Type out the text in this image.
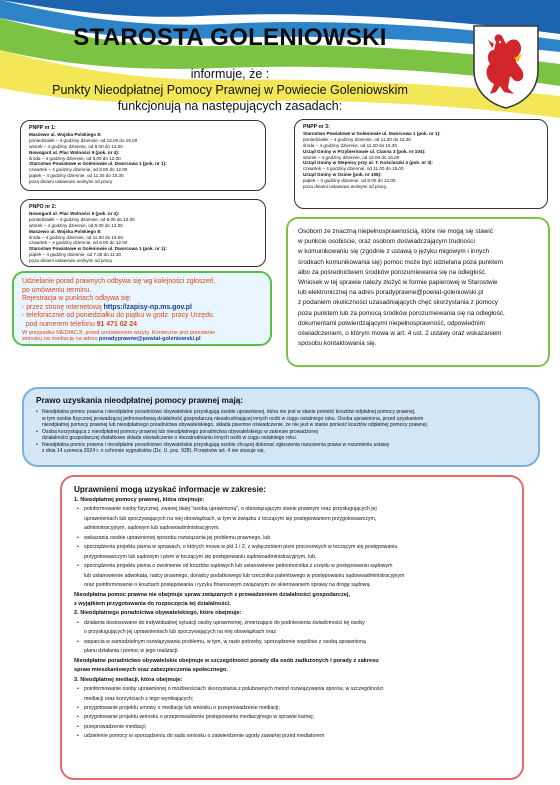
STAROSTA GOLENIOWSKI
informuje, że :
Punkty Nieodpłatnej Pomocy Prawnej w Powiecie Goleniowskim
funkcjonują na następujących zasadach:
PNPP nr 1:
Maszewo ul. Wojska Polskiego 8:
poniedziałek – 4 godziny dziennie, od 12.00 do 16.00
wtorek – 4 godziny dziennie, od 8.00 do 12.00
Nowogard ul. Plac Wolności 9 (pok. nr 4):
środa – 4 godziny dziennie, od 8.00 do 12.00
Starostwo Powiatowe w Goleniowie ul. Dworcowa 1 (pok. nr 1):
czwartek – 4 godziny dziennie, od 8.00 do 12.00
piątek – 4 godziny dziennie, od 11.35 do 15.35
poza dniami ustawowo wolnymi od pracy
PNPP nr 3:
Starostwo Powiatowe w Goleniowie ul. Dworcowa 1 (pok. nr 1):
poniedziałek – 4 godziny dziennie, od 11.30 do 15.30
środa – 4 godziny dziennie, od 11.30 do 15.30
Urząd Gminy w Przybiernowie ul. Ciasna 3 (pok. nr 104):
wtorek – 4 godziny dziennie, od 12.00 do 16.00
Urząd Gminy w Stepnicy przy ul. T. Kościuszki 4 (pok. nr 3):
czwartek – 4 godziny dziennie, od 11.00 do 15.00
Urząd Gminy w Osinie (pok. nr 105):
piątek – 4 godziny dziennie, od 8.00 do 12.00
poza dniami ustawowo wolnymi od pracy.
PNPO nr 2:
Nowogard ul. Plac Wolności 9 (pok. nr 4):
poniedziałek – 4 godziny dziennie, od 8.00 do 12.00
wtorek – 4 godziny dziennie, od 8.00 do 12.00
Maszewo ul. Wojska Polskiego 8:
środa – 4 godziny dziennie, od 11.00 do 15.00
czwartek – 4 godziny dziennie, od 8.00 do 12.00
Starostwo Powiatowe w Goleniowie ul. Dworcowa 1 (pok. nr 1):
piątek – 4 godziny dziennie, od 7.30 do 11.30
poza dniami ustawowo wolnymi od pracy
Osobom ze znaczną niepełnosprawnością, które nie mogą się stawić
w punkcie osobiście, oraz osobom doświadczającym trudności
w komunikowaniu się (zgodnie z ustawą o języku migowym i innych
środkach komunikowania się) pomoc może być udzielana poza punktem
albo za pośrednictwem środków porozumiewania się na odległość.
Wniosek w tej sprawie należy złożyć w formie papierowej w Starostwie
lub elektronicznej na adres poradyprawne@powiat-goleniowski.pl
z podaniem okoliczności uzasadniających chęć skorzystania z pomocy
poza punktem lub za pomocą środków porozumiewania się na odległość,
dokumentami potwierdzającymi niepełnosprawność, odpowiednim
oświadczeniem, o którym mowa w art. 4 ust. 2 ustawy oraz wskazaniem
sposobu kontaktowania się.
Udzielanie porad prawnych odbywa się wg kolejności zgłoszeń,
po umówieniu terminu.
Rejestracja w punktach odbywa się:
- przez stronę internetową https://zapisy-np.ms.gov.pl
- telefonicznie od poniedziałku do piątku w godz. pracy Urzędu.
pod numerem telefonu 91 471 02 24
W przypadku MEDIACJI, przed umówieniem wizyty. Konieczne jest przesłanie
wniosku na mediację na adres poradyprawne@powiat-goleniowski.pl
Prawo uzyskania nieodpłatnej pomocy prawnej mają:
• Nieodpłatna pomoc prawna i nieodpłatne poradnictwo obywatelskie przysługują osobie uprawnionej, która nie jest w stanie ponieść kosztów odpłatnej pomocy prawnej,
w tym osobie fizycznej prowadzącej jednoosobową działalność gospodarczą niezatrudniającej innych osób w ciągu ostatniego roku. Osoba uprawniona, przed uzyskaniem
nieodpłatnej pomocy prawnej lub nieodpłatnego poradnictwa obywatelskiego, składa pisemne oświadczenie, że nie jest w stanie ponieść kosztów odpłatnej pomocy prawnej.
• Osoba korzystająca z nieodpłatnej pomocy prawnej lub nieodpłatnego poradnictwa obywatelskiego w zakresie prowadzonej
działalności gospodarczej dodatkowo składa oświadczenie o niezatrudnianiu innych osób w ciągu ostatniego roku.
• Nieodpłatna pomoc prawna i nieodpłatne poradnictwo obywatelskie przysługują osobie chcącej dokonać zgłoszenia naruszenia prawa w rozumieniu ustawy
z dnia 14 czerwca 2024 r. o ochronie sygnalistów (Dz. U. poz. 928). Przepisów art. 4 nie stosuje się.
Uprawnieni mogą uzyskać informacje w zakresie:
1. Nieodpłatnej pomocy prawnej, która obejmuje:
• poinformowanie osoby fizycznej, zwanej dalej "osobą uprawnioną", o obowiązującym stanie prawnym oraz przysługujących jej
uprawnieniach lub spoczywających na niej obowiązkach, w tym w związku z toczącym się postępowaniem przygotowawczym,
administracyjnym, sądowym lub sądowoadministracyjnym,
• wskazania osobie uprawnionej sposobu rozwiązania jej problemu prawnego, lub
• sporządzenia projektu pisma w sprawach, o których mowa w pkt 1 i 2, z wyłączeniem pism procesowych w toczącym się postępowaniu
przygotowawczym lub sądowym i pism w toczącym się postępowaniu sądowoadministracyjnym, lub,
• sporządzenia projektu pisma o zwolnienie od kosztów sądowych lub ustanowienie pełnomocnika z urzędu w postępowaniu sądowym
lub ustanowienie adwokata, radcy prawnego, doradcy podatkowego lub rzecznika patentowego w postępowaniu sądowoadministracyjnym
oraz poinformowanie o kosztach postępowania i ryzyku finansowym związanym ze skierowaniem sprawy na drogę sądową.
Nieodpłatna pomoc prawna nie obejmuje spraw związanych z prowadzeniem działalności gospodarczej,
z wyjątkiem przygotowania do rozpoczęcia tej działalności.
2. Nieodpłatnego poradnictwa obywatelskiego, które obejmuje:
• działania dostosowane do indywidualnej sytuacji osoby uprawnionej, zmierzające do podniesienia świadomości tej osoby
o przysługujących jej uprawnieniach lub spoczywających na niej obowiązkach oraz
• wsparcia w samodzielnym rozwiązywaniu problemu, w tym, w razie potrzeby, sporządzenie wspólnie z osobą uprawnioną
planu działania i pomoc w jego realizacji.
Nieodpłatne poradnictwo obywatelskie obejmuje w szczególności porady dla osób zadłużonych i porady z zakresu
spraw mieszkaniowych oraz zabezpieczenia społecznego.
3. Nieodpłatnej mediacji, która obejmuje:
• poinformowanie osoby uprawnionej o możliwościach skorzystania z polubownych metod rozwiązywania sporów, w szczególności
mediacji oraz korzyściach z tego wynikających;
• przygotowanie projektu umowy o mediację lub wniosku o przeprowadzenie mediacji;
• przygotowanie projektu wniosku o przeprowadzenie postępowania mediacyjnego w sprawie karnej;
• przeprowadzenie mediacji;
• udzielenie pomocy w sporządzeniu do sądu wniosku o zatwierdzenie ugody zawartej przed mediatorem
